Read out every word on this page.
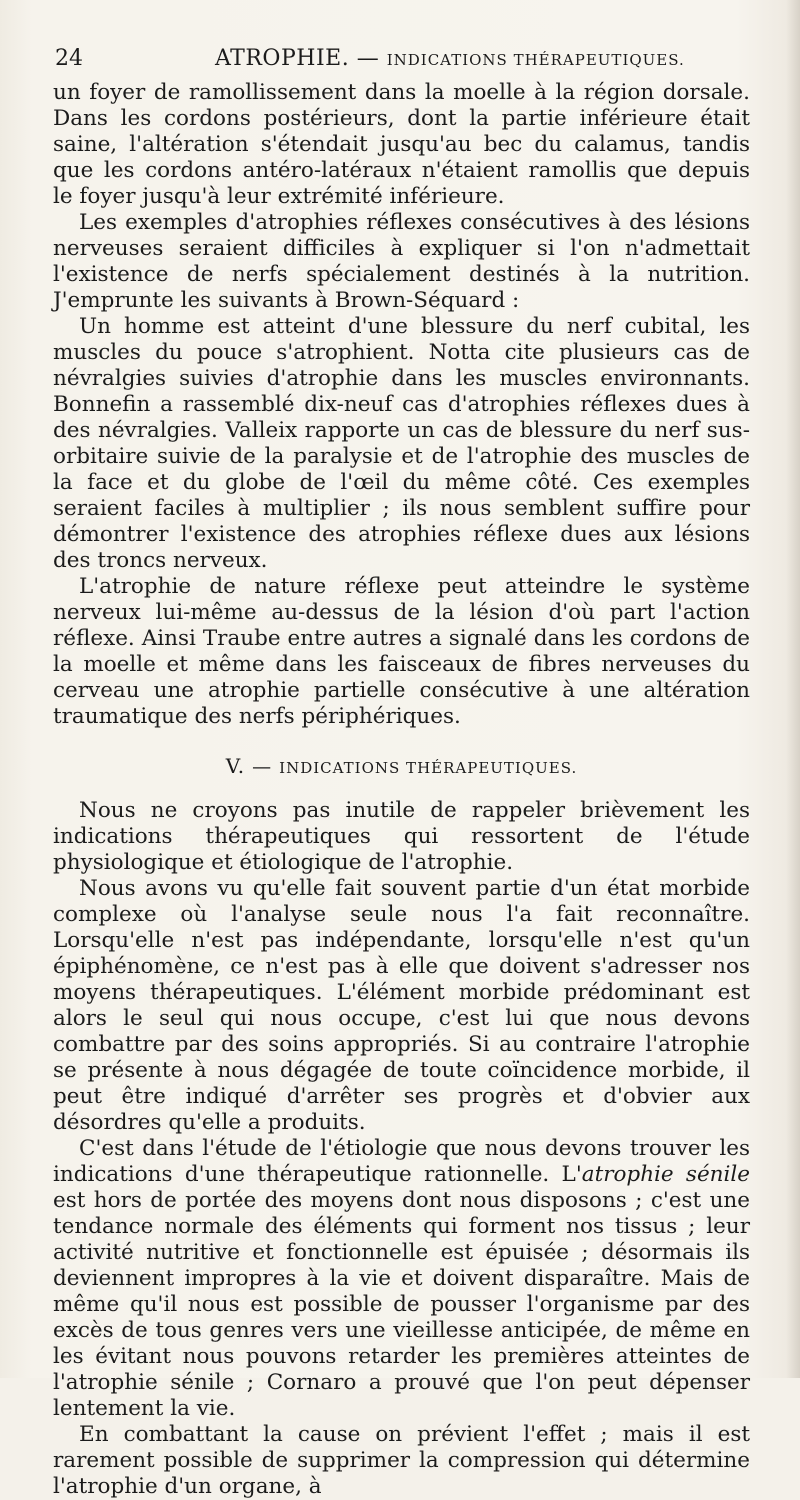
24	ATROPHIE. — INDICATIONS THÉRAPEUTIQUES.

un foyer de ramollissement dans la moelle à la région dorsale. Dans les cordons postérieurs, dont la partie inférieure était saine, l'altération s'étendait jusqu'au bec du calamus, tandis que les cordons antéro-latéraux n'étaient ramollis que depuis le foyer jusqu'à leur extrémité inférieure.

Les exemples d'atrophies réflexes consécutives à des lésions nerveuses seraient difficiles à expliquer si l'on n'admettait l'existence de nerfs spécialement destinés à la nutrition. J'emprunte les suivants à Brown-Séquard :

Un homme est atteint d'une blessure du nerf cubital, les muscles du pouce s'atrophient. Notta cite plusieurs cas de névralgies suivies d'atrophie dans les muscles environnants. Bonnefin a rassemblé dix-neuf cas d'atrophies réflexes dues à des névralgies. Valleix rapporte un cas de blessure du nerf sus-orbitaire suivie de la paralysie et de l'atrophie des muscles de la face et du globe de l'œil du même côté. Ces exemples seraient faciles à multiplier ; ils nous semblent suffire pour démontrer l'existence des atrophies réflexe dues aux lésions des troncs nerveux.

L'atrophie de nature réflexe peut atteindre le système nerveux lui-même au-dessus de la lésion d'où part l'action réflexe. Ainsi Traube entre autres a signalé dans les cordons de la moelle et même dans les faisceaux de fibres nerveuses du cerveau une atrophie partielle consécutive à une altération traumatique des nerfs périphériques.

V. — INDICATIONS THÉRAPEUTIQUES.

Nous ne croyons pas inutile de rappeler brièvement les indications thérapeutiques qui ressortent de l'étude physiologique et étiologique de l'atrophie.

Nous avons vu qu'elle fait souvent partie d'un état morbide complexe où l'analyse seule nous l'a fait reconnaître. Lorsqu'elle n'est pas indépendante, lorsqu'elle n'est qu'un épiphénomène, ce n'est pas à elle que doivent s'adresser nos moyens thérapeutiques. L'élément morbide prédominant est alors le seul qui nous occupe, c'est lui que nous devons combattre par des soins appropriés. Si au contraire l'atrophie se présente à nous dégagée de toute coïncidence morbide, il peut être indiqué d'arrêter ses progrès et d'obvier aux désordres qu'elle a produits.

C'est dans l'étude de l'étiologie que nous devons trouver les indications d'une thérapeutique rationnelle. L'atrophie sénile est hors de portée des moyens dont nous disposons ; c'est une tendance normale des éléments qui forment nos tissus ; leur activité nutritive et fonctionnelle est épuisée ; désormais ils deviennent impropres à la vie et doivent disparaître. Mais de même qu'il nous est possible de pousser l'organisme par des excès de tous genres vers une vieillesse anticipée, de même en les évitant nous pouvons retarder les premières atteintes de l'atrophie sénile ; Cornaro a prouvé que l'on peut dépenser lentement la vie.

En combattant la cause on prévient l'effet ; mais il est rarement possible de supprimer la compression qui détermine l'atrophie d'un organe, à
